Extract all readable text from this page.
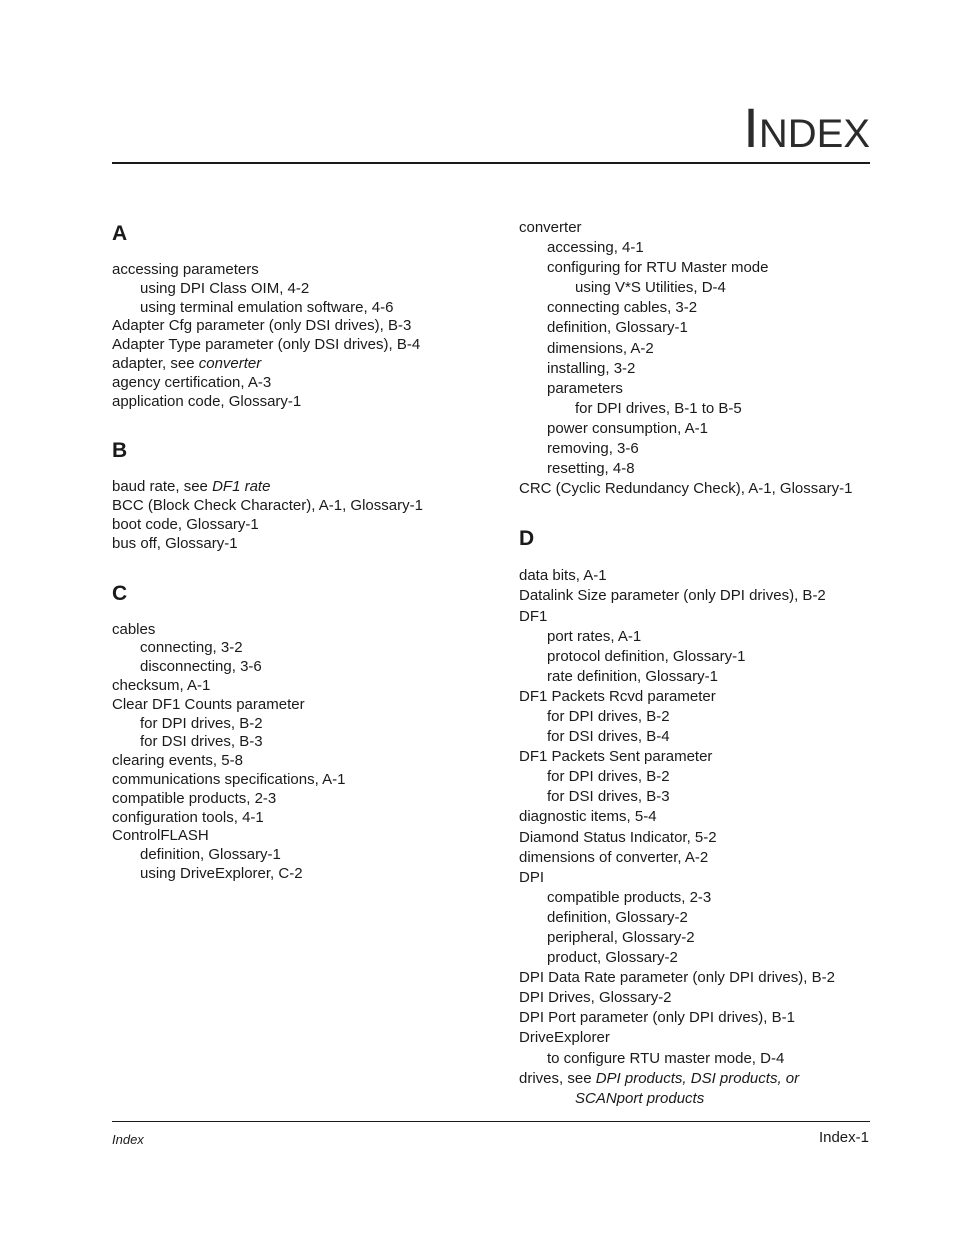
INDEX
A
accessing parameters
using DPI Class OIM, 4-2
using terminal emulation software, 4-6
Adapter Cfg parameter (only DSI drives), B-3
Adapter Type parameter (only DSI drives), B-4
adapter, see converter
agency certification, A-3
application code, Glossary-1
B
baud rate, see DF1 rate
BCC (Block Check Character), A-1, Glossary-1
boot code, Glossary-1
bus off, Glossary-1
C
cables
connecting, 3-2
disconnecting, 3-6
checksum, A-1
Clear DF1 Counts parameter
for DPI drives, B-2
for DSI drives, B-3
clearing events, 5-8
communications specifications, A-1
compatible products, 2-3
configuration tools, 4-1
ControlFLASH
definition, Glossary-1
using DriveExplorer, C-2
converter
accessing, 4-1
configuring for RTU Master mode
using V*S Utilities, D-4
connecting cables, 3-2
definition, Glossary-1
dimensions, A-2
installing, 3-2
parameters
for DPI drives, B-1 to B-5
power consumption, A-1
removing, 3-6
resetting, 4-8
CRC (Cyclic Redundancy Check), A-1, Glossary-1
D
data bits, A-1
Datalink Size parameter (only DPI drives), B-2
DF1
port rates, A-1
protocol definition, Glossary-1
rate definition, Glossary-1
DF1 Packets Rcvd parameter
for DPI drives, B-2
for DSI drives, B-4
DF1 Packets Sent parameter
for DPI drives, B-2
for DSI drives, B-3
diagnostic items, 5-4
Diamond Status Indicator, 5-2
dimensions of converter, A-2
DPI
compatible products, 2-3
definition, Glossary-2
peripheral, Glossary-2
product, Glossary-2
DPI Data Rate parameter (only DPI drives), B-2
DPI Drives, Glossary-2
DPI Port parameter (only DPI drives), B-1
DriveExplorer
to configure RTU master mode, D-4
drives, see DPI products, DSI products, or
SCANport products
Index	Index-1
